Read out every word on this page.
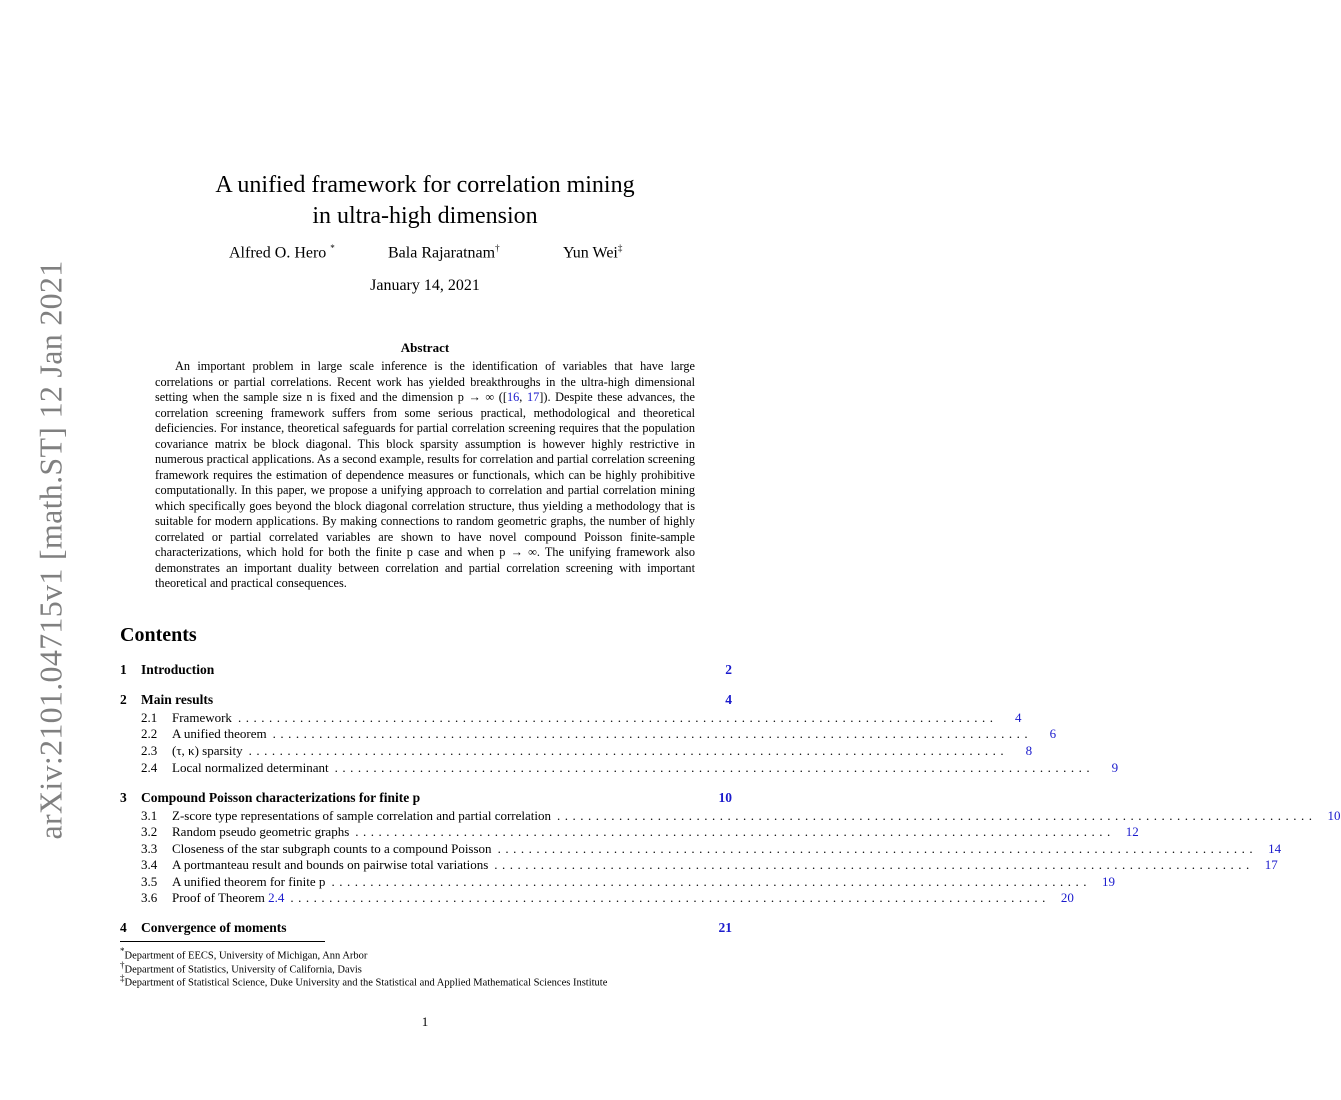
arXiv:2101.04715v1 [math.ST] 12 Jan 2021
A unified framework for correlation mining
in ultra-high dimension
Alfred O. Hero *	Bala Rajaratnam†	Yun Wei‡
January 14, 2021
Abstract
An important problem in large scale inference is the identification of variables that have large correlations or partial correlations. Recent work has yielded breakthroughs in the ultra-high dimensional setting when the sample size n is fixed and the dimension p → ∞ ([16, 17]). Despite these advances, the correlation screening framework suffers from some serious practical, methodological and theoretical deficiencies. For instance, theoretical safeguards for partial correlation screening requires that the population covariance matrix be block diagonal. This block sparsity assumption is however highly restrictive in numerous practical applications. As a second example, results for correlation and partial correlation screening framework requires the estimation of dependence measures or functionals, which can be highly prohibitive computationally. In this paper, we propose a unifying approach to correlation and partial correlation mining which specifically goes beyond the block diagonal correlation structure, thus yielding a methodology that is suitable for modern applications. By making connections to random geometric graphs, the number of highly correlated or partial correlated variables are shown to have novel compound Poisson finite-sample characterizations, which hold for both the finite p case and when p → ∞. The unifying framework also demonstrates an important duality between correlation and partial correlation screening with important theoretical and practical consequences.
Contents
1	Introduction	2
2	Main results	4
2.1	Framework ..................................................................................................	4
2.2	A unified theorem ..................................................................................................	6
2.3	(τ, κ) sparsity ..................................................................................................	8
2.4	Local normalized determinant ..................................................................................................	9
3	Compound Poisson characterizations for finite p	10
3.1	Z-score type representations of sample correlation and partial correlation .................................................................................................. 10
3.2	Random pseudo geometric graphs .................................................................................................. 12
3.3	Closeness of the star subgraph counts to a compound Poisson .................................................................................................. 14
3.4	A portmanteau result and bounds on pairwise total variations .................................................................................................. 17
3.5	A unified theorem for finite p .................................................................................................. 19
3.6	Proof of Theorem 2.4 .................................................................................................. 20
4	Convergence of moments	21
*Department of EECS, University of Michigan, Ann Arbor
†Department of Statistics, University of California, Davis
‡Department of Statistical Science, Duke University and the Statistical and Applied Mathematical Sciences Institute
1
